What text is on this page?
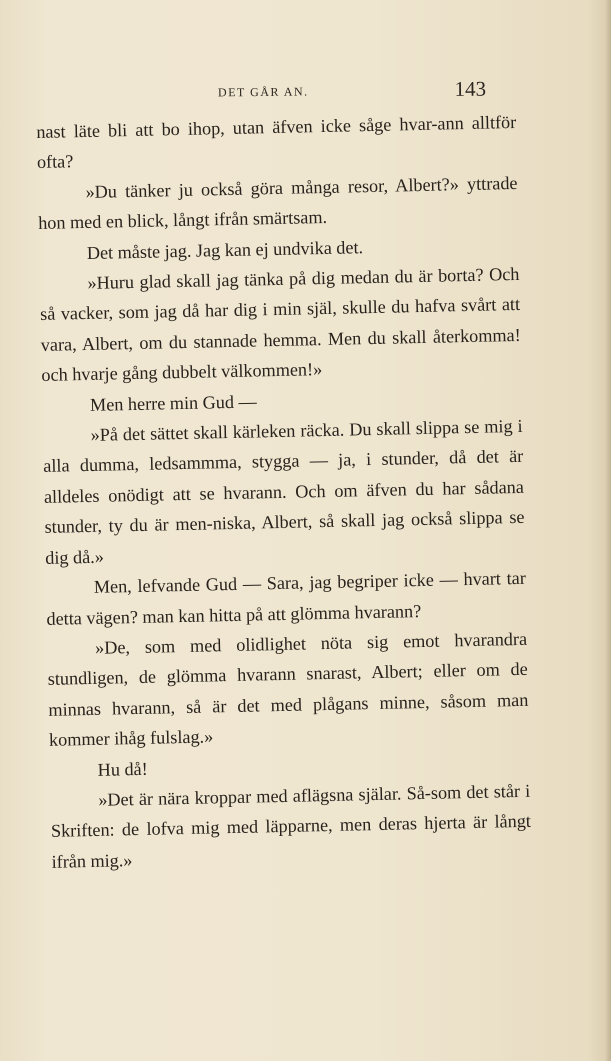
DET GÅR AN.	143

nast läte bli att bo ihop, utan äfven icke såge hvar-ann alltför ofta?

»Du tänker ju också göra många resor, Albert?» yttrade hon med en blick, långt ifrån smärtsam.

Det måste jag. Jag kan ej undvika det.

»Huru glad skall jag tänka på dig medan du är borta? Och så vacker, som jag då har dig i min själ, skulle du hafva svårt att vara, Albert, om du stannade hemma. Men du skall återkomma! och hvarje gång dubbelt välkommen!»

Men herre min Gud —

»På det sättet skall kärleken räcka. Du skall slippa se mig i alla dumma, ledsammma, stygga — ja, i stunder, då det är alldeles onödigt att se hvarann. Och om äfven du har sådana stunder, ty du är men-niska, Albert, så skall jag också slippa se dig då.»

Men, lefvande Gud — Sara, jag begriper icke — hvart tar detta vägen? man kan hitta på att glömma hvarann?

»De, som med olidlighet nöta sig emot hvarandra stundligen, de glömma hvarann snarast, Albert; eller om de minnas hvarann, så är det med plågans minne, såsom man kommer ihåg fulslag.»

Hu då!

»Det är nära kroppar med aflägsna själar. Så-som det står i Skriften: de lofva mig med läpparne, men deras hjerta är långt ifrån mig.»
